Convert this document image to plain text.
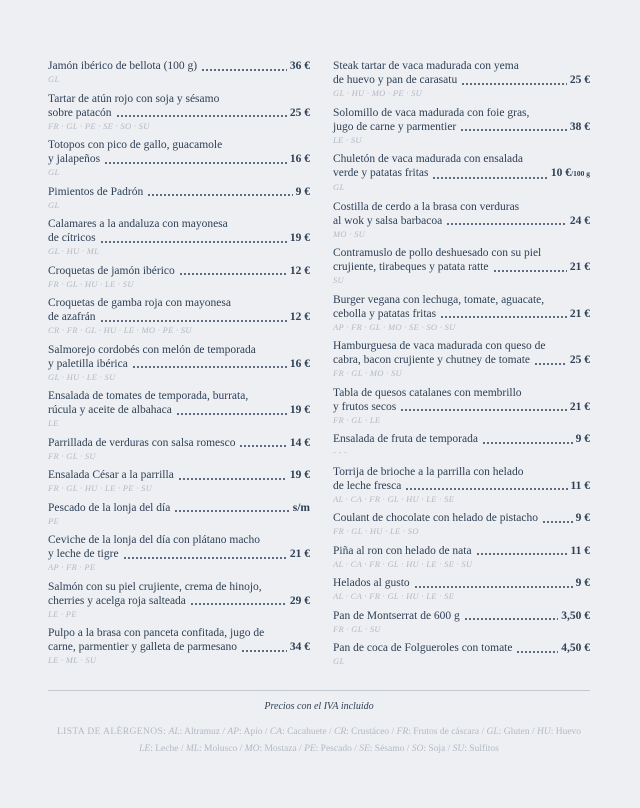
Jamón ibérico de bellota (100 g)	36 €
GL
Tartar de atún rojo con soja y sésamo
sobre patacón	25 €
FR · GL · PE · SE · SO · SU
Totopos con pico de gallo, guacamole
y jalapeños	16 €
GL
Pimientos de Padrón	9 €
GL
Calamares a la andaluza con mayonesa
de cítricos	19 €
GL · HU · ML
Croquetas de jamón ibérico	12 €
FR · GL · HU · LE · SU
Croquetas de gamba roja con mayonesa
de azafrán	12 €
CR · FR · GL · HU · LE · MO · PE · SU
Salmorejo cordobés con melón de temporada
y paletilla ibérica	16 €
GL · HU · LE · SU
Ensalada de tomates de temporada, burrata,
rúcula y aceite de albahaca	19 €
LE
Parrillada de verduras con salsa romesco	14 €
FR · GL · SU
Ensalada César a la parrilla	19 €
FR · GL · HU · LE · PE · SU
Pescado de la lonja del día	s/m
PE
Ceviche de la lonja del día con plátano macho
y leche de tigre	21 €
AP · FR · PE
Salmón con su piel crujiente, crema de hinojo,
cherries y acelga roja salteada	29 €
LE · PE
Pulpo a la brasa con panceta confitada, jugo de
carne, parmentier y galleta de parmesano	34 €
LE · ML · SU
Steak tartar de vaca madurada con yema
de huevo y pan de carasatu	25 €
GL · HU · MO · PE · SU
Solomillo de vaca madurada con foie gras,
jugo de carne y parmentier	38 €
LE · SU
Chuletón de vaca madurada con ensalada
verde y patatas fritas	10 € /100 g
GL
Costilla de cerdo a la brasa con verduras
al wok y salsa barbacoa	24 €
MO · SU
Contramuslo de pollo deshuesado con su piel
crujiente, tirabeques y patata ratte	21 €
SU
Burger vegana con lechuga, tomate, aguacate,
cebolla y patatas fritas	21 €
AP · FR · GL · MO · SE · SO · SU
Hamburguesa de vaca madurada con queso de
cabra, bacon crujiente y chutney de tomate	25 €
FR · GL · MO · SU
Tabla de quesos catalanes con membrillo
y frutos secos	21 €
FR · GL · LE
Ensalada de fruta de temporada	9 €
- - -
Torrija de brioche a la parrilla con helado
de leche fresca	11 €
AL · CA · FR · GL · HU · LE · SE
Coulant de chocolate con helado de pistacho	9 €
FR · GL · HU · LE · SO
Piña al ron con helado de nata	11 €
AL · CA · FR · GL · HU · LE · SE · SU
Helados al gusto	9 €
AL · CA · FR · GL · HU · LE · SE
Pan de Montserrat de 600 g	3,50 €
FR · GL · SU
Pan de coca de Folgueroles con tomate	4,50 €
GL
Precios con el IVA incluido
LISTA DE ALÉRGENOS: AL: Altramuz / AP: Apio / CA: Cacahuete / CR: Crustáceo / FR: Frutos de cáscara / GL: Gluten / HU: Huevo
LE: Leche / ML: Molusco / MO: Mostaza / PE: Pescado / SE: Sésamo / SO: Soja / SU: Sulfitos
